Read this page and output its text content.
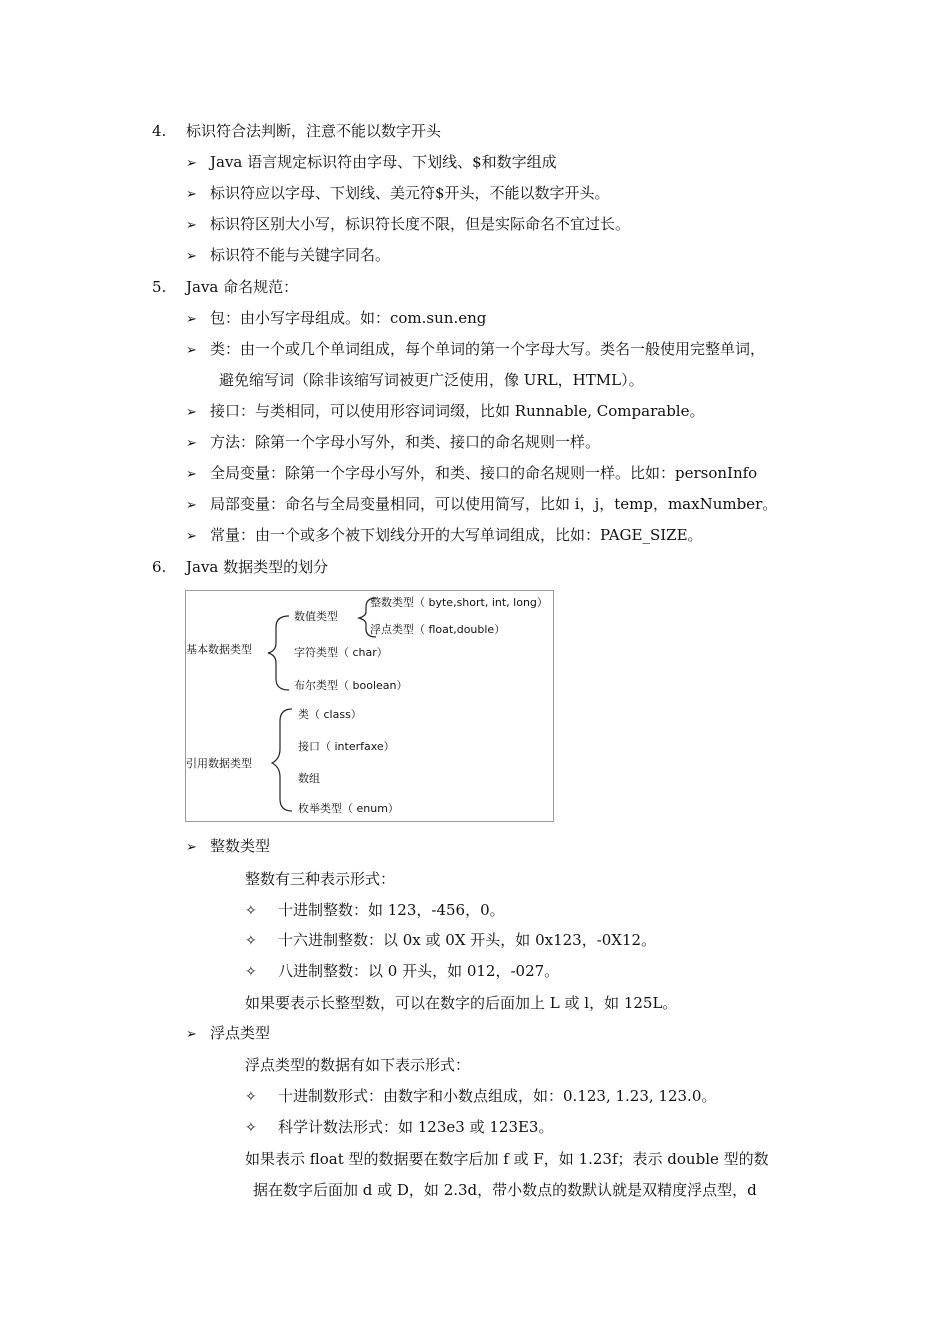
4. 标识符合法判断，注意不能以数字开头
➢ Java 语言规定标识符由字母、下划线、$和数字组成
➢ 标识符应以字母、下划线、美元符$开头，不能以数字开头。
➢ 标识符区别大小写，标识符长度不限，但是实际命名不宜过长。
➢ 标识符不能与关键字同名。
5. Java 命名规范：
➢ 包：由小写字母组成。如：com.sun.eng
➢ 类：由一个或几个单词组成，每个单词的第一个字母大写。类名一般使用完整单词，
避免缩写词（除非该缩写词被更广泛使用，像 URL，HTML）。
➢ 接口：与类相同，可以使用形容词词缀，比如 Runnable, Comparable。
➢ 方法：除第一个字母小写外，和类、接口的命名规则一样。
➢ 全局变量：除第一个字母小写外，和类、接口的命名规则一样。比如：personInfo
➢ 局部变量：命名与全局变量相同，可以使用简写，比如 i，j，temp，maxNumber。
➢ 常量：由一个或多个被下划线分开的大写单词组成，比如：PAGE_SIZE。
6. Java 数据类型的划分
基本数据类型
数值类型
整数类型（ byte,short, int, long）
浮点类型（ float,double）
字符类型（ char）
布尔类型（ boolean）
引用数据类型
类（ class）
接口（ interfaxe）
数组
枚举类型（ enum）
➢ 整数类型
整数有三种表示形式：
✧ 十进制整数：如 123，-456，0。
✧ 十六进制整数：以 0x 或 0X 开头，如 0x123，-0X12。
✧ 八进制整数：以 0 开头，如 012，-027。
如果要表示长整型数，可以在数字的后面加上 L 或 l，如 125L。
➢ 浮点类型
浮点类型的数据有如下表示形式：
✧ 十进制数形式：由数字和小数点组成，如：0.123, 1.23, 123.0。
✧ 科学计数法形式：如 123e3 或 123E3。
如果表示 float 型的数据要在数字后加 f 或 F，如 1.23f；表示 double 型的数
据在数字后面加 d 或 D，如 2.3d，带小数点的数默认就是双精度浮点型，d
